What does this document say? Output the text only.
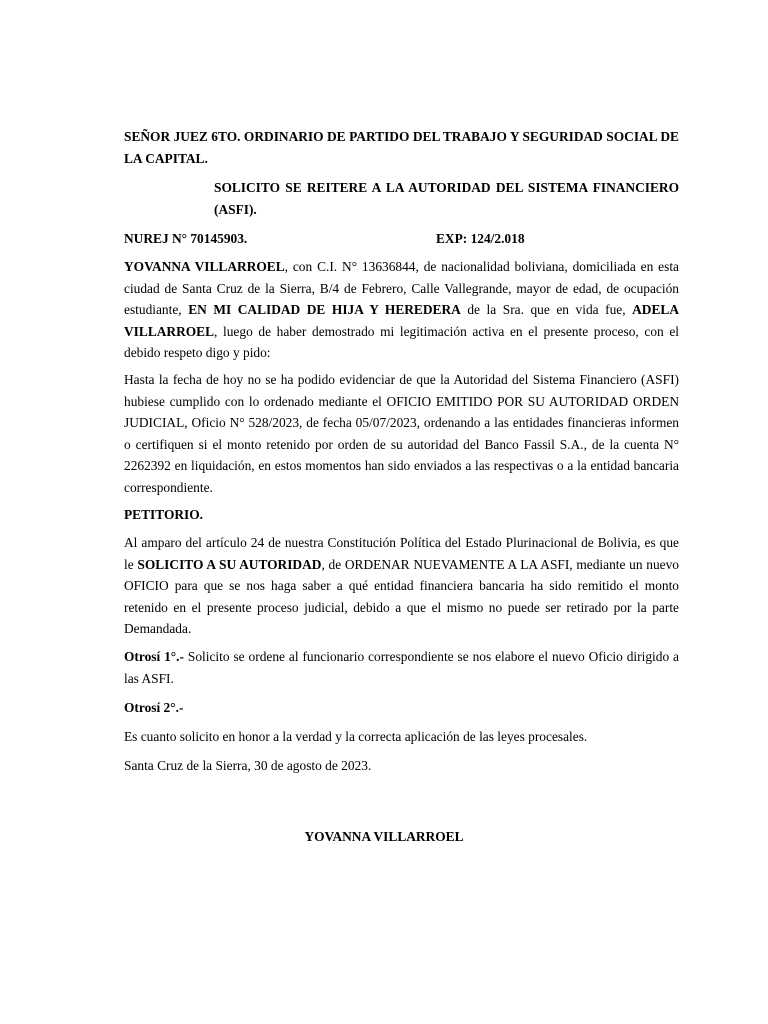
SEÑOR JUEZ 6TO. ORDINARIO DE PARTIDO DEL TRABAJO Y SEGURIDAD SOCIAL DE LA CAPITAL.

SOLICITO SE REITERE A LA AUTORIDAD DEL SISTEMA FINANCIERO (ASFI).

NUREJ N° 70145903.	EXP: 124/2.018

YOVANNA VILLARROEL, con C.I. N° 13636844, de nacionalidad boliviana, domiciliada en esta ciudad de Santa Cruz de la Sierra, B/4 de Febrero, Calle Vallegrande, mayor de edad, de ocupación estudiante, EN MI CALIDAD DE HIJA Y HEREDERA de la Sra. que en vida fue, ADELA VILLARROEL, luego de haber demostrado mi legitimación activa en el presente proceso, con el debido respeto digo y pido:

Hasta la fecha de hoy no se ha podido evidenciar de que la Autoridad del Sistema Financiero (ASFI) hubiese cumplido con lo ordenado mediante el OFICIO EMITIDO POR SU AUTORIDAD ORDEN JUDICIAL, Oficio N° 528/2023, de fecha 05/07/2023, ordenando a las entidades financieras informen o certifiquen si el monto retenido por orden de su autoridad del Banco Fassil S.A., de la cuenta N° 2262392 en liquidación, en estos momentos han sido enviados a las respectivas o a la entidad bancaria correspondiente.

PETITORIO.

Al amparo del artículo 24 de nuestra Constitución Política del Estado Plurinacional de Bolivia, es que le SOLICITO A SU AUTORIDAD, de ORDENAR NUEVAMENTE A LA ASFI, mediante un nuevo OFICIO para que se nos haga saber a qué entidad financiera bancaria ha sido remitido el monto retenido en el presente proceso judicial, debido a que el mismo no puede ser retirado por la parte Demandada.

Otrosí 1°.- Solicito se ordene al funcionario correspondiente se nos elabore el nuevo Oficio dirigido a las ASFI.

Otrosí 2°.-

Es cuanto solicito en honor a la verdad y la correcta aplicación de las leyes procesales.

Santa Cruz de la Sierra, 30 de agosto de 2023.

YOVANNA VILLARROEL
